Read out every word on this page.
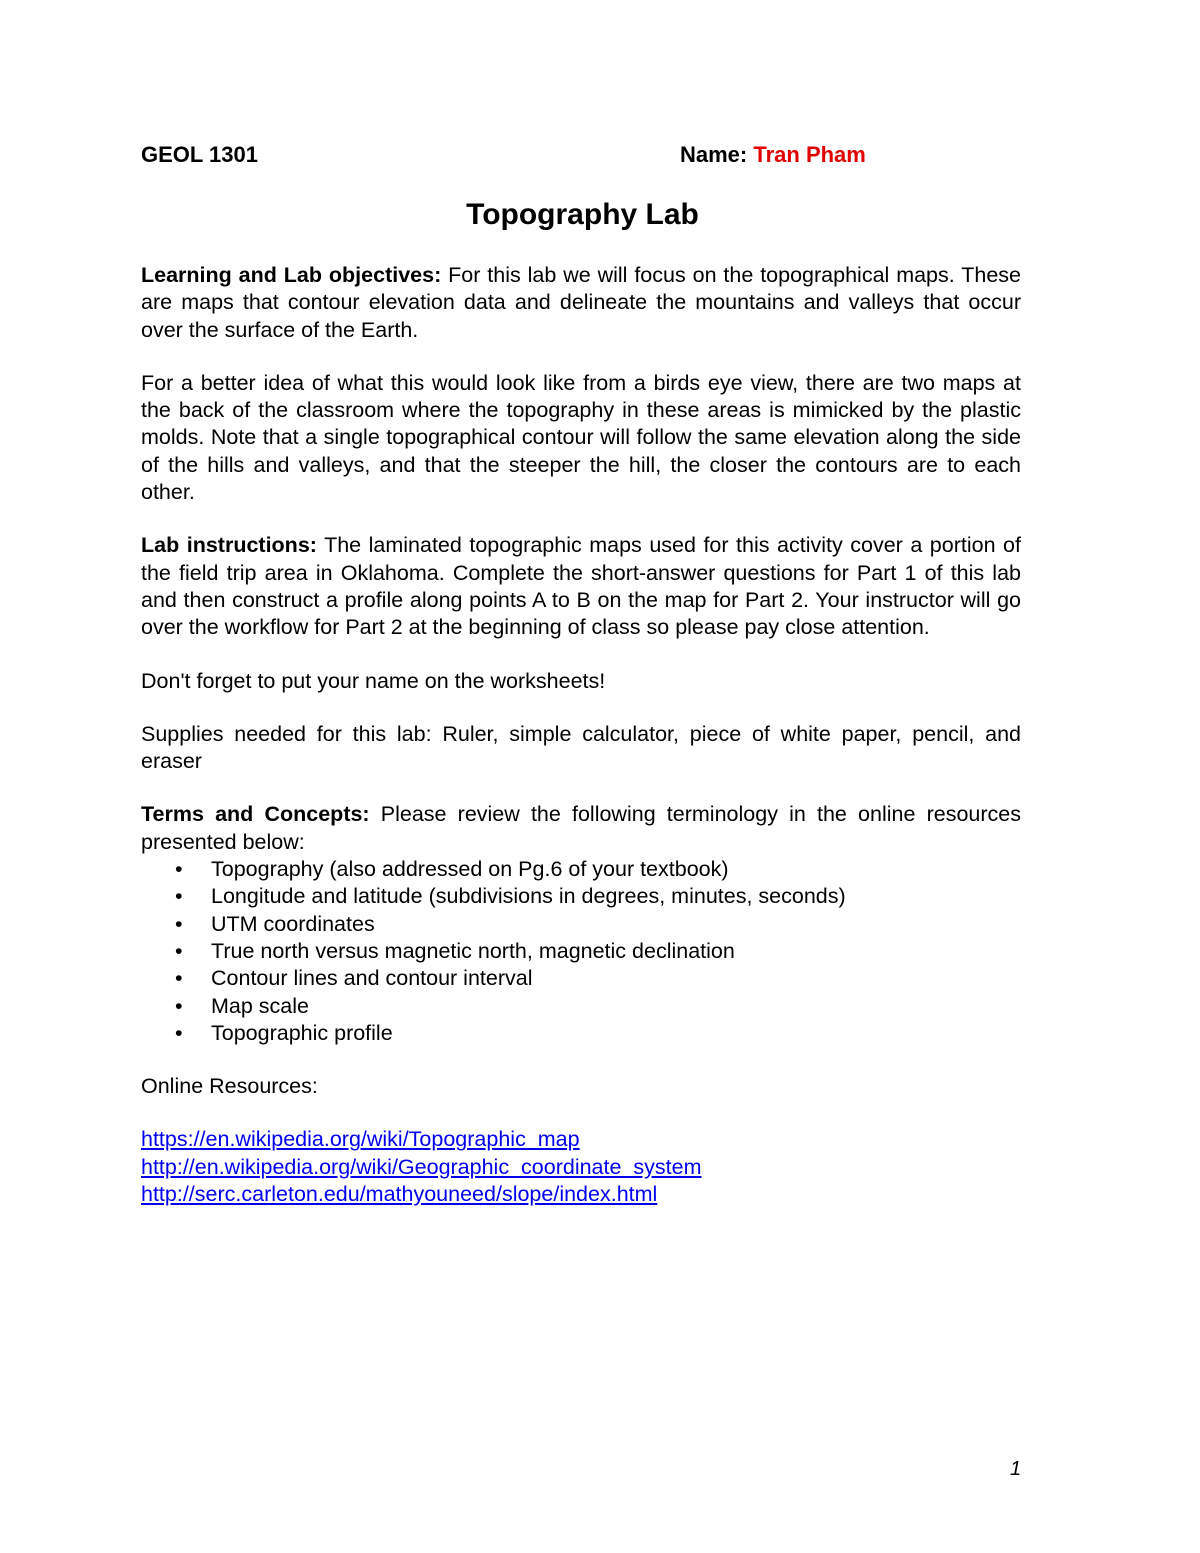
GEOL 1301	Name: Tran Pham
Topography Lab

Learning and Lab objectives: For this lab we will focus on the topographical maps. These are maps that contour elevation data and delineate the mountains and valleys that occur over the surface of the Earth.

For a better idea of what this would look like from a birds eye view, there are two maps at the back of the classroom where the topography in these areas is mimicked by the plastic molds. Note that a single topographical contour will follow the same elevation along the side of the hills and valleys, and that the steeper the hill, the closer the contours are to each other.

Lab instructions: The laminated topographic maps used for this activity cover a portion of the field trip area in Oklahoma. Complete the short-answer questions for Part 1 of this lab and then construct a profile along points A to B on the map for Part 2. Your instructor will go over the workflow for Part 2 at the beginning of class so please pay close attention.

Don't forget to put your name on the worksheets!

Supplies needed for this lab: Ruler, simple calculator, piece of white paper, pencil, and eraser

Terms and Concepts: Please review the following terminology in the online resources presented below:

• Topography (also addressed on Pg.6 of your textbook)
• Longitude and latitude (subdivisions in degrees, minutes, seconds)
• UTM coordinates
• True north versus magnetic north, magnetic declination
• Contour lines and contour interval
• Map scale
• Topographic profile

Online Resources:

https://en.wikipedia.org/wiki/Topographic_map
http://en.wikipedia.org/wiki/Geographic_coordinate_system
http://serc.carleton.edu/mathyouneed/slope/index.html
1
